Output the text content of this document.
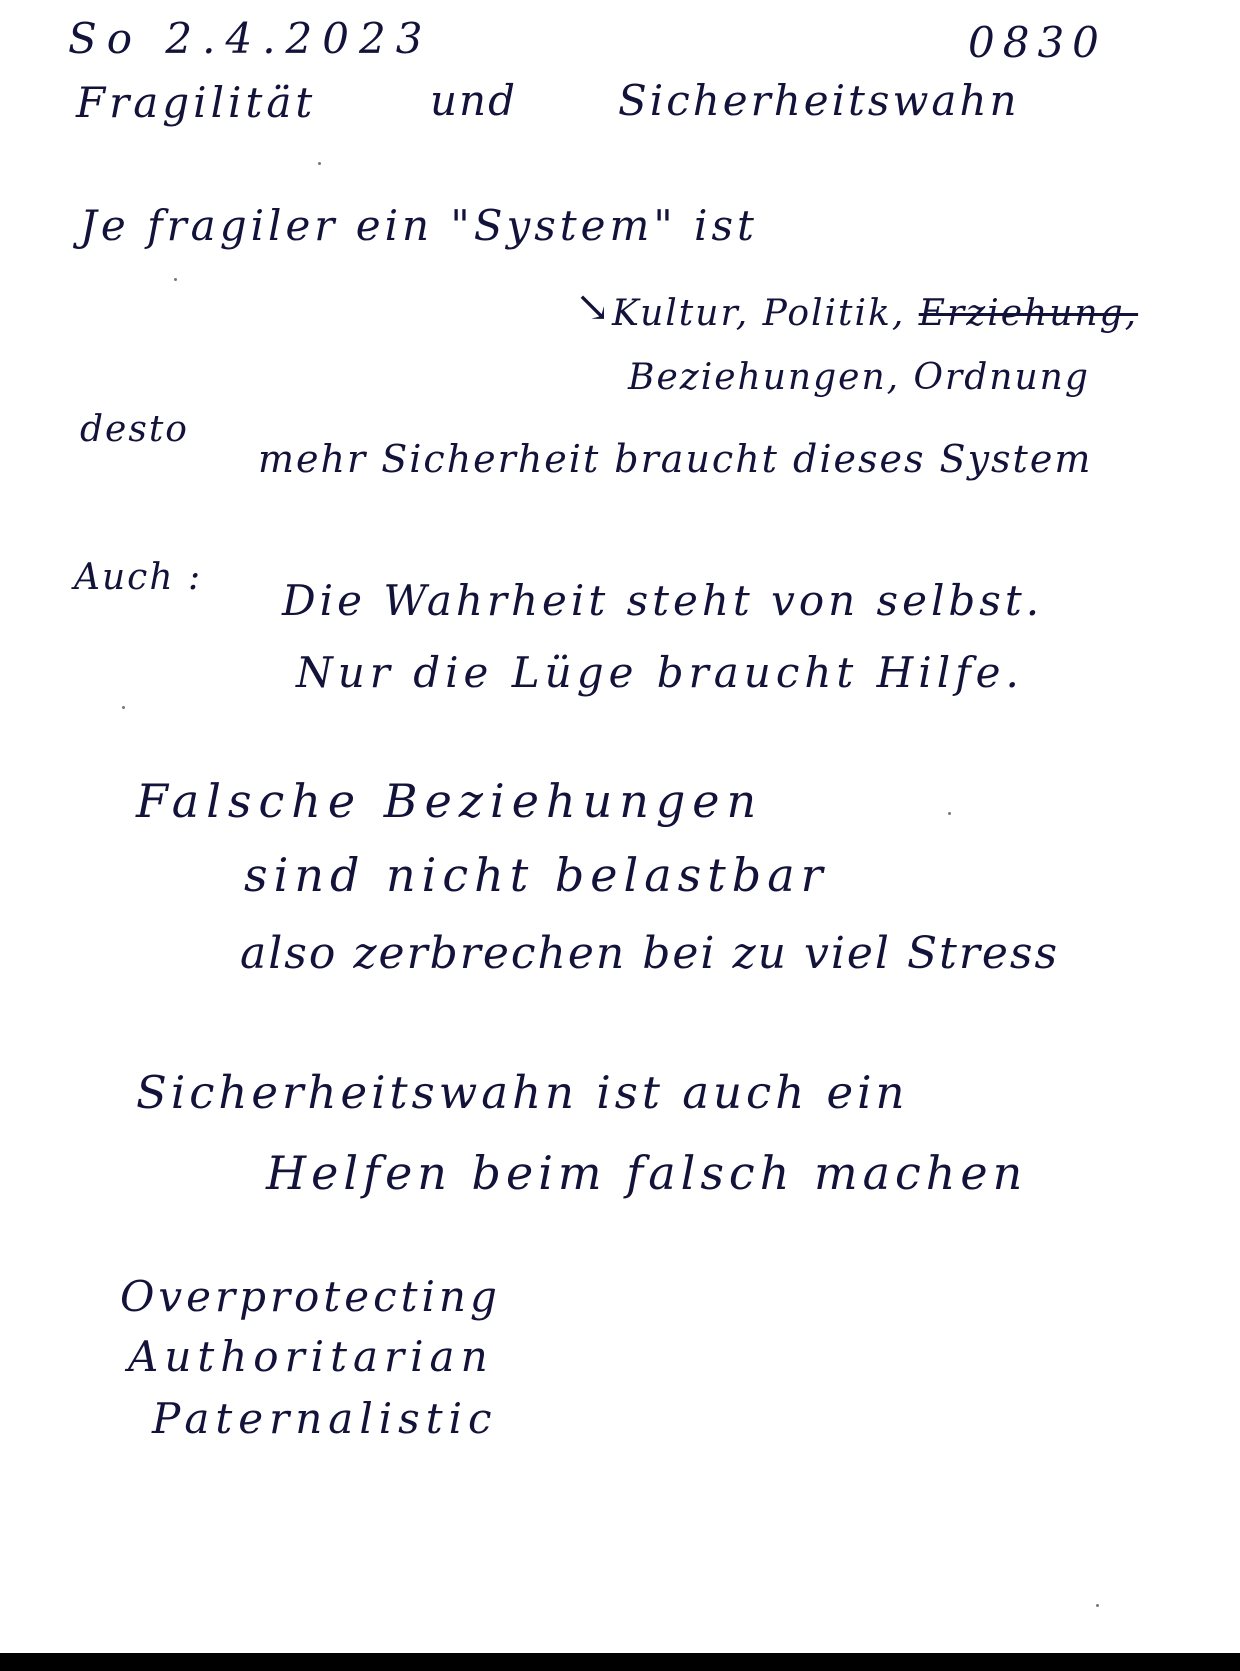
So 2.4.2023	0830
Fragilität	und Sicherheitswahn
Je fragiler ein "System" ist
↘ Kultur, Politik, Erziehung,
Beziehungen, Ordnung
desto
mehr Sicherheit braucht dieses System
Auch : Die Wahrheit steht von selbst.
Nur die Lüge braucht Hilfe.
Falsche Beziehungen
sind nicht belastbar
also zerbrechen bei zu viel Stress
Sicherheitswahn ist auch ein
Helfen beim falsch machen
Overprotecting
Authoritarian
Paternalistic
